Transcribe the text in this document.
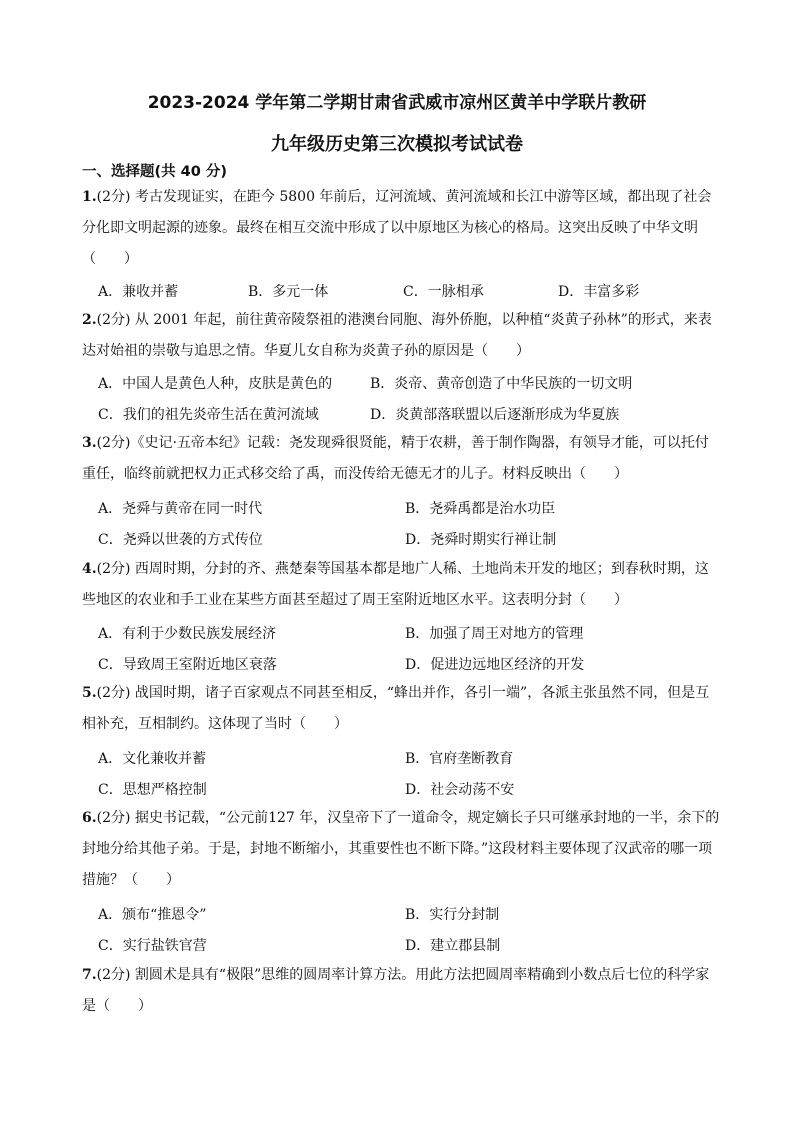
2023-2024 学年第二学期甘肃省武威市凉州区黄羊中学联片教研
九年级历史第三次模拟考试试卷
一、选择题(共 40 分)
1.(2分) 考古发现证实，在距今 5800 年前后，辽河流域、黄河流域和长江中游等区域，都出现了社会分化即文明起源的迹象。最终在相互交流中形成了以中原地区为核心的格局。这突出反映了中华文明（　　）
A．兼收并蓄	B．多元一体	C．一脉相承	D．丰富多彩
2.(2分) 从 2001 年起，前往黄帝陵祭祖的港澳台同胞、海外侨胞，以种植“炎黄子孙林”的形式，来表达对始祖的崇敬与追思之情。华夏儿女自称为炎黄子孙的原因是（　　）
A．中国人是黄色人种，皮肤是黄色的	B．炎帝、黄帝创造了中华民族的一切文明
C．我们的祖先炎帝生活在黄河流域	D．炎黄部落联盟以后逐渐形成为华夏族
3.(2分)《史记·五帝本纪》记载：尧发现舜很贤能，精于农耕，善于制作陶器，有领导才能，可以托付重任，临终前就把权力正式移交给了禹，而没传给无德无才的儿子。材料反映出（　　）
A．尧舜与黄帝在同一时代	B．尧舜禹都是治水功臣
C．尧舜以世袭的方式传位	D．尧舜时期实行禅让制
4.(2分) 西周时期，分封的齐、燕楚秦等国基本都是地广人稀、土地尚未开发的地区；到春秋时期，这些地区的农业和手工业在某些方面甚至超过了周王室附近地区水平。这表明分封（　　）
A．有利于少数民族发展经济	B．加强了周王对地方的管理
C．导致周王室附近地区衰落	D．促进边远地区经济的开发
5.(2分) 战国时期，诸子百家观点不同甚至相反，“蜂出并作，各引一端”，各派主张虽然不同，但是互相补充，互相制约。这体现了当时（　　）
A．文化兼收并蓄	B．官府垄断教育
C．思想严格控制	D．社会动荡不安
6.(2分) 据史书记载，“公元前127 年，汉皇帝下了一道命令，规定嫡长子只可继承封地的一半，余下的封地分给其他子弟。于是，封地不断缩小，其重要性也不断下降。”这段材料主要体现了汉武帝的哪一项措施？（　　）
A．颁布“推恩令”	B．实行分封制
C．实行盐铁官营	D．建立郡县制
7.(2分) 割圆术是具有“极限”思维的圆周率计算方法。用此方法把圆周率精确到小数点后七位的科学家是（　　）
